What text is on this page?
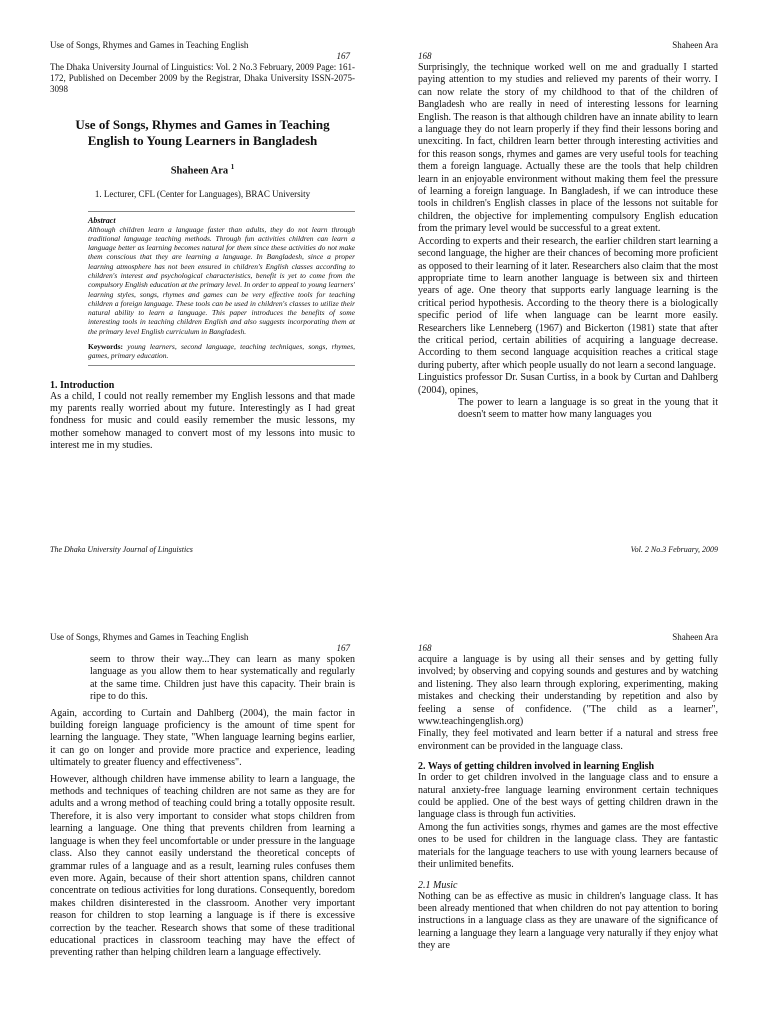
Use of Songs, Rhymes and Games in Teaching English
167
The Dhaka University Journal of Linguistics: Vol. 2 No.3 February, 2009 Page: 161-172, Published on December 2009 by the Registrar, Dhaka University ISSN-2075-3098
Use of Songs, Rhymes and Games in Teaching English to Young Learners in Bangladesh
Shaheen Ara $^1$
1. Lecturer, CFL (Center for Languages), BRAC University
Abstract
Although children learn a language faster than adults, they do not learn through traditional language teaching methods. Through fun activities children can learn a language better as learning becomes natural for them since these activities do not make them conscious that they are learning a language. In Bangladesh, since a proper learning atmosphere has not been ensured in children's English classes according to children's interest and psychological characteristics, benefit is yet to come from the compulsory English education at the primary level. In order to appeal to young learners' learning styles, songs, rhymes and games can be very effective tools for teaching children a foreign language. These tools can be used in children's classes to utilize their natural ability to learn a language. This paper introduces the benefits of some interesting tools in teaching children English and also suggests incorporating them at the primary level English curriculum in Bangladesh.
Keywords: young learners, second language, teaching techniques, songs, rhymes, games, primary education.
1. Introduction
As a child, I could not really remember my English lessons and that made my parents really worried about my future. Interestingly as I had great fondness for music and could easily remember the music lessons, my mother somehow managed to convert most of my lessons into music to interest me in my studies.
The Dhaka University Journal of Linguistics
Shaheen Ara
168
Surprisingly, the technique worked well on me and gradually I started paying attention to my studies and relieved my parents of their worry. I can now relate the story of my childhood to that of the children of Bangladesh who are really in need of interesting lessons for learning English. The reason is that although children have an innate ability to learn a language they do not learn properly if they find their lessons boring and unexciting. In fact, children learn better through interesting activities and for this reason songs, rhymes and games are very useful tools for teaching them a foreign language. Actually these are the tools that help children learn in an enjoyable environment without making them feel the pressure of learning a foreign language. In Bangladesh, if we can introduce these tools in children's English classes in place of the lessons not suitable for children, the objective for implementing compulsory English education from the primary level would be successful to a great extent.
According to experts and their research, the earlier children start learning a second language, the higher are their chances of becoming more proficient as opposed to their learning of it later. Researchers also claim that the most appropriate time to learn another language is between six and thirteen years of age. One theory that supports early language learning is the critical period hypothesis. According to the theory there is a biologically specific period of life when language can be learnt more easily. Researchers like Lenneberg (1967) and Bickerton (1981) state that after the critical period, certain abilities of acquiring a language decrease. According to them second language acquisition reaches a critical stage during puberty, after which people usually do not learn a second language.
Linguistics professor Dr. Susan Curtiss, in a book by Curtan and Dahlberg (2004), opines,
The power to learn a language is so great in the young that it doesn't seem to matter how many languages you
Vol. 2 No.3 February, 2009
Use of Songs, Rhymes and Games in Teaching English
167
seem to throw their way...They can learn as many spoken language as you allow them to hear systematically and regularly at the same time. Children just have this capacity. Their brain is ripe to do this.
Again, according to Curtain and Dahlberg (2004), the main factor in building foreign language proficiency is the amount of time spent for learning the language. They state, "When language learning begins earlier, it can go on longer and provide more practice and experience, leading ultimately to greater fluency and effectiveness".
However, although children have immense ability to learn a language, the methods and techniques of teaching children are not same as they are for adults and a wrong method of teaching could bring a totally opposite result. Therefore, it is also very important to consider what stops children from learning a language. One thing that prevents children from learning a language is when they feel uncomfortable or under pressure in the language class. Also they cannot easily understand the theoretical concepts of grammar rules of a language and as a result, learning rules confuses them even more. Again, because of their short attention spans, children cannot concentrate on tedious activities for long durations. Consequently, boredom makes children disinterested in the classroom. Another very important reason for children to stop learning a language is if there is excessive correction by the teacher. Research shows that some of these traditional educational practices in classroom teaching may have the effect of preventing rather than helping children learn a language effectively.
Shaheen Ara
168
acquire a language is by using all their senses and by getting fully involved; by observing and copying sounds and gestures and by watching and listening. They also learn through exploring, experimenting, making mistakes and checking their understanding by repetition and also by feeling a sense of confidence. ("The child as a learner", www.teachingenglish.org)
Finally, they feel motivated and learn better if a natural and stress free environment can be provided in the language class.
2. Ways of getting children involved in learning English
In order to get children involved in the language class and to ensure a natural anxiety-free language learning environment certain techniques could be applied. One of the best ways of getting children drawn in the language class is through fun activities.
Among the fun activities songs, rhymes and games are the most effective ones to be used for children in the language class. They are fantastic materials for the language teachers to use with young learners because of their unlimited benefits.
2.1 Music
Nothing can be as effective as music in children's language class. It has been already mentioned that when children do not pay attention to boring instructions in a language class as they are unaware of the significance of learning a language they learn a language very naturally if they enjoy what they are
